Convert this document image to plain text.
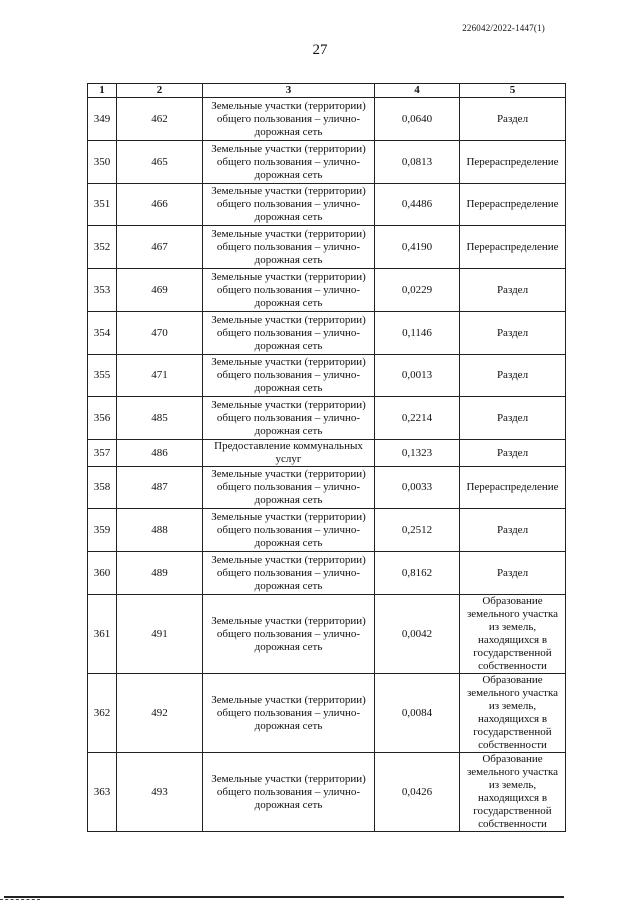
226042/2022-1447(1)
27
1	2	3	4	5
349	462	Земельные участки (территории) общего пользования – улично-дорожная сеть	0,0640	Раздел
350	465	Земельные участки (территории) общего пользования – улично-дорожная сеть	0,0813	Перераспределение
351	466	Земельные участки (территории) общего пользования – улично-дорожная сеть	0,4486	Перераспределение
352	467	Земельные участки (территории) общего пользования – улично-дорожная сеть	0,4190	Перераспределение
353	469	Земельные участки (территории) общего пользования – улично-дорожная сеть	0,0229	Раздел
354	470	Земельные участки (территории) общего пользования – улично-дорожная сеть	0,1146	Раздел
355	471	Земельные участки (территории) общего пользования – улично-дорожная сеть	0,0013	Раздел
356	485	Земельные участки (территории) общего пользования – улично-дорожная сеть	0,2214	Раздел
357	486	Предоставление коммунальных услуг	0,1323	Раздел
358	487	Земельные участки (территории) общего пользования – улично-дорожная сеть	0,0033	Перераспределение
359	488	Земельные участки (территории) общего пользования – улично-дорожная сеть	0,2512	Раздел
360	489	Земельные участки (территории) общего пользования – улично-дорожная сеть	0,8162	Раздел
361	491	Земельные участки (территории) общего пользования – улично-дорожная сеть	0,0042	Образование земельного участка из земель, находящихся в государственной собственности
362	492	Земельные участки (территории) общего пользования – улично-дорожная сеть	0,0084	Образование земельного участка из земель, находящихся в государственной собственности
363	493	Земельные участки (территории) общего пользования – улично-дорожная сеть	0,0426	Образование земельного участка из земель, находящихся в государственной собственности
